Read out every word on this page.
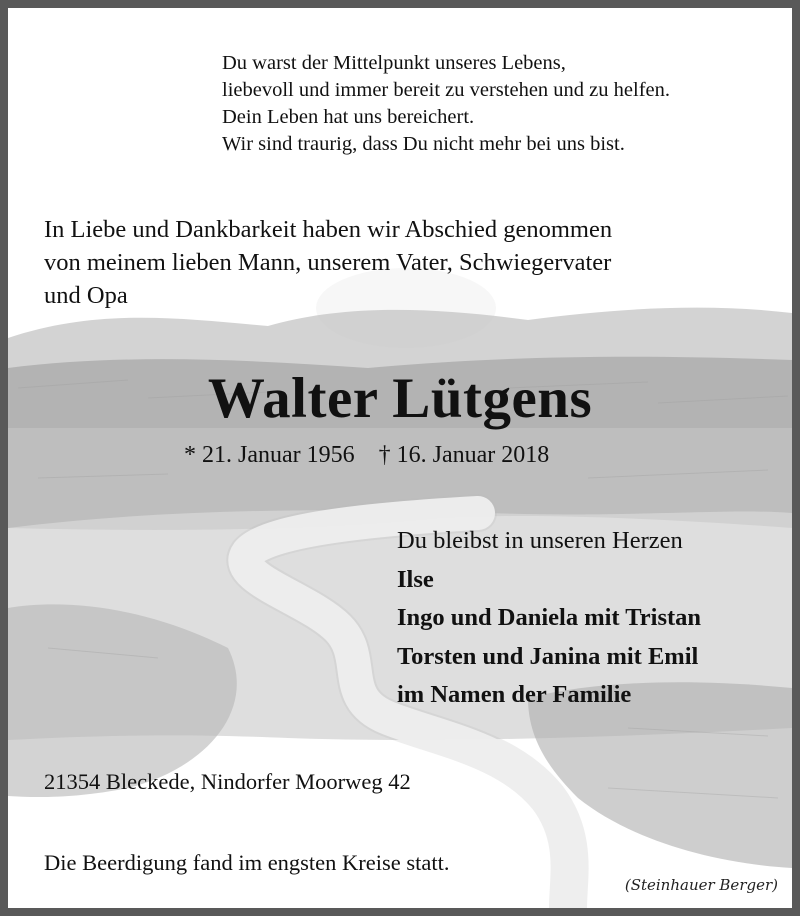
Du warst der Mittelpunkt unseres Lebens,
liebevoll und immer bereit zu verstehen und zu helfen.
Dein Leben hat uns bereichert.
Wir sind traurig, dass Du nicht mehr bei uns bist.
In Liebe und Dankbarkeit haben wir Abschied genommen
von meinem lieben Mann, unserem Vater, Schwiegervater
und Opa
Walter Lütgens
* 21. Januar 1956 † 16. Januar 2018
Du bleibst in unseren Herzen
Ilse
Ingo und Daniela mit Tristan
Torsten und Janina mit Emil
im Namen der Familie
21354 Bleckede, Nindorfer Moorweg 42
Die Beerdigung fand im engsten Kreise statt.
(Steinhauer Berger)
